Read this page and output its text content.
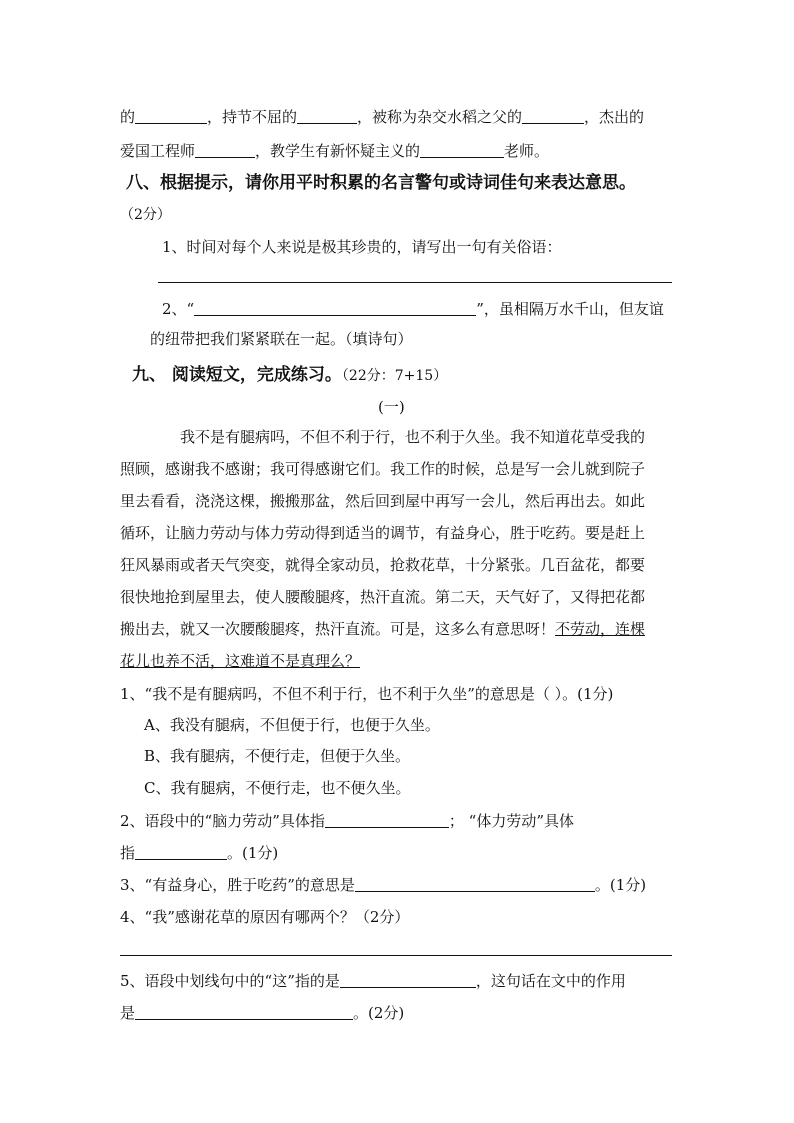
的	，持节不屈的	，被称为杂交水稻之父的	，杰出的
爱国工程师	，教学生有新怀疑主义的	老师。
八、根据提示，请你用平时积累的名言警句或诗词佳句来表达意思。
（2分）
1、时间对每个人来说是极其珍贵的，请写出一句有关俗语：
2、“	”，虽相隔万水千山，但友谊
的纽带把我们紧紧联在一起。（填诗句）
九、 阅读短文，完成练习。（22分：7+15）
(一)
我不是有腿病吗，不但不利于行，也不利于久坐。我不知道花草受我的
照顾，感谢我不感谢；我可得感谢它们。我工作的时候，总是写一会儿就到院子
里去看看，浇浇这棵，搬搬那盆，然后回到屋中再写一会儿，然后再出去。如此
循环，让脑力劳动与体力劳动得到适当的调节，有益身心，胜于吃药。要是赶上
狂风暴雨或者天气突变，就得全家动员，抢救花草，十分紧张。几百盆花，都要
很快地抢到屋里去，使人腰酸腿疼，热汗直流。第二天，天气好了，又得把花都
搬出去，就又一次腰酸腿疼，热汗直流。可是，这多么有意思呀！不劳动，连棵
花儿也养不活，这难道不是真理么？
1、“我不是有腿病吗，不但不利于行，也不利于久坐”的意思是（ ）。(1分)
A、我没有腿病，不但便于行，也便于久坐。
B、我有腿病，不便行走，但便于久坐。
C、我有腿病，不便行走，也不便久坐。
2、语段中的“脑力劳动”具体指	； “体力劳动”具体
指	。(1分)
3、“有益身心，胜于吃药”的意思是	。(1分)
4、“我”感谢花草的原因有哪两个？（2分）
5、语段中划线句中的“这”指的是	，这句话在文中的作用
是	。(2分)
